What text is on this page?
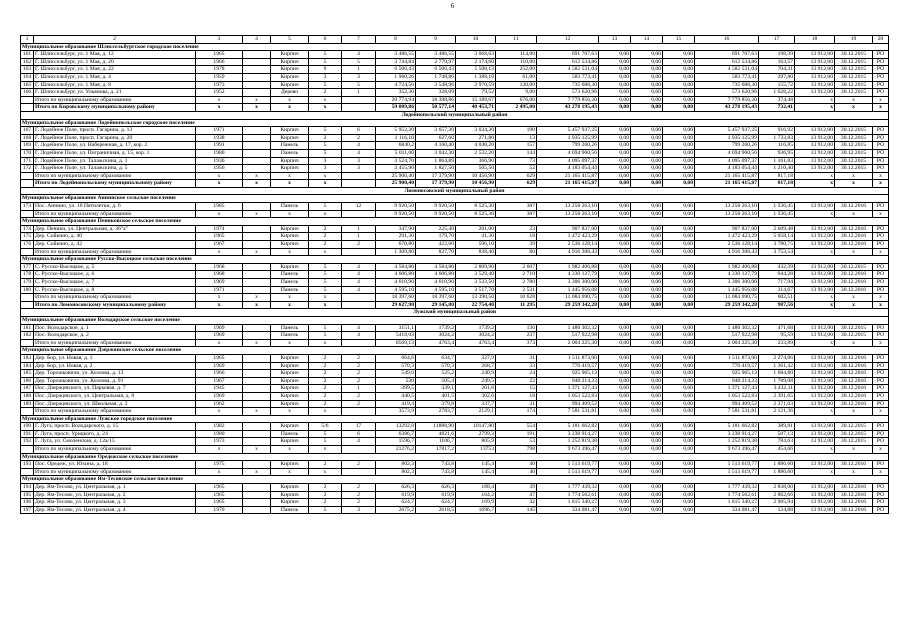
6
1	2	3	4	5	6	7	8	9	10	11	12	13	14	15	16	17	18	19	20
Муниципальное образование Шлиссельбургское городское поселение																			
161	Г. Шлиссельбург, ул. 1 Мая, д. 12	1965		Кирпич	5	4	3 486,55	3 486,55	3 068,63	114,00	691 707,63	0,00	0,00	0,00	691 707,63	198,39	13 912,00	30.12.2015	РО
162	Г. Шлиссельбург, ул. 1 Мая, д. 20	1966		Кирпич	5	5	3 744,84	2 779,97	2 174,60	110,00	612 534,86	0,00	0,00	0,00	612 534,86	163,57	13 912,00	30.12.2015	РО
163	Г. Шлиссельбург, ул. 1 Мая, д. 22	1978		Кирпич	9	1	6 506,43	6 506,43	5 508,13	252,00	4 582 531,04	0,00	0,00	0,00	4 582 531,04	704,31	13 912,00	30.12.2015	РО
164	Г. Шлиссельбург, ул. 1 Мая, д. 4	1959		Кирпич	3	3	1 960,26	1 748,86	1 388,18	61,00	583 773,41	0,00	0,00	0,00	583 773,41	297,80	13 912,00	30.12.2015	РО
165	Г. Шлиссельбург, ул. 1 Мая, д. 8	1973		Кирпич	5	5	4 724,56	3 548,96	2 970,59	130,00	735 688,30	0,00	0,00	0,00	735 688,30	155,72	13 912,00	30.12.2015	РО
166	Г. Шлиссельбург, ул. Ульянова, д. 21	1952		Дерево	2	1	352,30	328,09	79,52	9,00	573 620,96	0,00	0,00	0,00	573 620,96	1 628,22	13 912,00	30.12.2015	РО
	Итого по муниципальному образованию	x	x	x	x		20 774,94	18 398,86	15 189,67	676,00	7 779 856,20	0,00	0,00	0,00	7 779 856,20	374,48	x	x	x
	Итого по Кировскому муниципальному району	x	x	x	x		59 089,86	50 577,14	40 453,71	2 495,00	43 278 195,43	0,00	0,00	0,00	43 278 195,43	732,41	x	x	x
Лодейнопольский муниципальный район																			
Муниципальное образование Лодейнопольское городское поселение																			
167	Г. Лодейное Поле, просп. Гагарина, д. 13	1971		Кирпич	5	6	5 952,30	3 657,30	3 034,30	190	5 457 937,25	0,00	0,00	0,00	5 457 937,25	916,92	13 912,00	30.12.2015	РО
168	Г. Лодейное Поле, просп. Гагарина, д. 20	1938		Кирпич	2	2	1 116,10	627,60	271,80	13	1 935 125,99	0,00	0,00	0,00	1 935 125,99	1 733,83	13 912,00	30.12.2015	РО
169	Г. Лодейное Поле, ул. Набережная, д. 17, кор. 2	1991		Панель	5	4	6840,2	4 160,40	4 048,20	157	799 260,26	0,00	0,00	0,00	799 260,26	116,85	13 912,00	30.12.2015	РО
170	Г. Лодейное Поле, ул. Пограничная, д. 15, кор. 1	1980		Панель	5	4	5 011,00	3 042,30	2 532,20	144	4 694 960,56	0,00	0,00	0,00	4 694 960,56	936,95	13 912,00	30.12.2015	РО
171	Г. Лодейное Поле, ул. Талажскина, д. 1	1936		Кирпич	3	3	3 524,70	1 864,89	366,90	73	4 095 097,37	0,00	0,00	0,00	4 095 097,37	1 161,83	13 912,00	30.12.2015	РО
172	Г. Лодейное Поле, ул. Талажскина, д. 5	1956		Кирпич	3	3	3 455,90	1 827,50	505,50	52	4 183 054,44	0,00	0,00	0,00	4 183 054,44	1 210,40	13 912,00	30.12.2015	РО
	Итого по муниципальному образованию	x	x	x	x		25 900,40	17 379,90	10 456,90	629	21 165 415,87	0,00	0,00	0,00	21 165 415,87	817,18	x	x	x
	Итого по Лодейнопольскому муниципальному району	x	x	x	x		25 900,40	17 379,90	10 456,90	629	21 165 415,87	0,00	0,00	0,00	21 165 415,87	817,18	x	x	x
Ломоносовский муниципальный район																			
Муниципальное образование Аннинское сельское поселение																			
173	Пос. Аннино, ул. 10 Пятилетки, д. 6	1985		Панель	5	12	9 920,50	9 920,50	8 525,30	387	13 258 263,10	0,00	0,00	0,00	13 258 263,10	1 336,45	13 912,00	30.12.2016	РО
	Итого по муниципальному образованию	x	x	x	x		9 920,50	9 920,50	8 525,30	387	13 258 263,10	0,00	0,00	0,00	13 258 263,10	1 336,45	x	x	x
Муниципальное образование Пениковское сельское поселение																			
174	Дер. Пеники, ул. Центральная, д. 36"а"	1974		Кирпич	2	1	347,90	225,40	201,00	23	907 837,00	0,00	0,00	0,00	907 837,00	2 609,48	13 912,00	30.12.2016	РО
175	Дер. Сойкино, д. 40	1965		Кирпич	2	1	291,30	179,70	41,30	18	1 472 423,29	0,00	0,00	0,00	1 472 423,29	5 058,14	13 912,00	30.12.2016	РО
176	Дер. Сойкино, д. 42	1967		Кирпич	2	2	670,80	422,60	596,10	39	2 536 128,14	0,00	0,00	0,00	2 536 128,14	3 780,75	13 912,00	30.12.2016	РО
	Итого по муниципальному образованию	x	x	x	x		1 309,80	827,70	838,40	80	4 916 388,43	0,00	0,00	0,00	4 916 388,43	3 753,54	x	x	x
Муниципальное образование Русско-Высоцкое сельское поселение																			
177	С. Русско-Высоцкое, д. 5	1968		Кирпич	5	4	4 584,80	4 584,80	2 809,90	2 607	1 982 406,88	0,00	0,00	0,00	1 982 406,88	432,39	13 912,00	30.12.2015	РО
178	С. Русско-Высоцкое, д. 6	1968		Панель	5	4	4 606,80	4 606,80	3 529,40	2 710	4 330 127,79	0,00	0,00	0,00	4 330 127,79	944,28	13 912,00	30.12.2016	РО
179	С. Русско-Высоцкое, д. 7	1969		Панель	5	4	4 610,90	4 610,90	3 533,50	2 780	3 306 300,00	0,00	0,00	0,00	3 306 300,00	717,04	13 912,00	30.12.2016	РО
180	С. Русско-Высоцкое, д. 8	1971		Панель	5	4	4 595,10	4 595,10	3 517,70	2 531	1 445 956,08	0,00	0,00	0,00	1 445 956,08	314,67	13 912,00	30.12.2016	РО
	Итого по муниципальному образованию	x	x	x	x		18 397,60	18 397,60	13 390,50	10 628	11 084 690,75	0,00	0,00	0,00	11 084 690,75	602,51	x	x	x
	Итого по Ломоносовскому муниципальному району	x	x	x	x		29 627,90	29 145,80	22 754,40	11 295	29 259 342,28	0,00	0,00	0,00	29 259 342,28	987,56	x	x	x
Лужский муниципальный район																			
Муниципальное образование Володарское сельское поселение																			
181	Пос. Володарское, д. 1	1969		Панель	5	4	3151,1	1739,2	1739,2	136	1 486 302,32	0,00	0,00	0,00	1 486 302,32	471,68	13 912,00	30.12.2015	РО
182	Пос. Володарское, д. 2	1969		Панель	5	4	5418,03	3024,2	3024,2	237	517 922,98	0,00	0,00	0,00	517 922,98	95,59	13 912,00	30.12.2015	РО
	Итого по муниципальному образованию	x	x	x	x		8569,13	4763,4	4763,4	373	2 004 225,30	0,00	0,00	0,00	2 004 225,30	233,89	x	x	x
Муниципальное образование Дзержинское сельское поселение																			
183	Дер. Бор, ул. Новая, д. 1	1965		Кирпич	2	2	664,6	634,7	327,9	31	1 511 873,00	0,00	0,00	0,00	1 511 873,00	2 274,86	13 912,00	30.12.2016	РО
184	Дер. Бор, ул. Новая, д. 2	1969		Кирпич	2	2	570,3	570,3	268,7	33	776 419,57	0,00	0,00	0,00	776 419,57	1 361,42	13 912,00	30.12.2016	РО
185	Дер. Торошковичи, ул. Козлова, д. 13	1966		Кирпич	2	2	549,6	525,2	240,9	24	925 965,13	0,00	0,00	0,00	925 965,13	1 684,80	13 912,00	30.12.2016	РО
186	Дер. Торошковичи, ул. Козлова, д. 91	1967		Кирпич	2	2	530	505,4	249,5	22	948 214,33	0,00	0,00	0,00	948 214,33	1 789,08	13 912,00	30.12.2016	РО
187	Пос. Дзержинского, ул. Парковая, д. 7	1945		Кирпич	2	1	399,5	339,1	201,8	15	1 371 127,43	0,00	0,00	0,00	1 371 127,43	3 432,11	13 912,00	30.12.2016	РО
188	Пос. Дзержинского, ул. Центральная, д. 8	1969		Кирпич	2	2	440,5	401,5	302,6	18	1 053 522,83	0,00	0,00	0,00	1 053 522,83	2 391,65	13 912,00	30.12.2016	РО
189	Пос. Дзержинского, ул. Школьная, д. 2	1962		Кирпич	2	2	419,4	379,8	337,7	31	994 409,52	0,00	0,00	0,00	994 409,52	2 371,03	13 912,00	30.12.2016	РО
	Итого по муниципальному образованию	x	x	x	x		3573,9	2783,7	2129,1	174	7 581 531,81	0,00	0,00	0,00	7 581 531,81	2 121,36	x	x	x
Муниципальное образование Лужское городское поселение																			
190	Г. Луга, просп. Володарского, д. 15	1982		Кирпич	5/6	17	13292,8	11888,90	10147,80	554	5 181 662,82	0,00	0,00	0,00	5 181 662,82	389,81	13 912,00	30.12.2015	РО
191	Г. Луга, просп. Урицкого, д. 24	1980		Панель	5	6	6386,7	4821,6	2799,3	191	3 238 914,27	0,00	0,00	0,00	3 238 914,27	507,13	13 912,00	30.12.2015	РО
192	Г. Луга, ул. Смоленская, д. 12а/15	1973		Кирпич	5	4	1596,7	1106,7	805,9	53	1 252 819,38	0,00	0,00	0,00	1 252 819,38	784,63	13 912,00	30.12.2015	РО
	Итого по муниципальному образованию	x	x	x	x		21276,2	17817,2	13753	798	9 673 396,47	0,00	0,00	0,00	9 673 396,47	454,66	x	x	x
Муниципальное образование Оредежское сельское поселение																			
193	Пос. Оредеж, ул. Юхина, д. 18	1975		Кирпич	2	2	802,3	743,8	145,4	40	1 513 619,77	0,00	0,00	0,00	1 513 619,77	1 886,60	13 912,00	30.12.2016	РО
	Итого по муниципальному образованию	x	x	x	x		802,3	743,8	145,4	40	1 513 619,77	0,00	0,00	0,00	1 513 619,77	1 886,60	x	x	x
Муниципальное образование Ям-Тесовское сельское поселение																			
194	Дер. Ям-Тесово, ул. Центральная, д. 1	1965		Кирпич	2	2	626,3	626,3	188,4	39	1 777 439,32	0,00	0,00	0,00	1 777 439,32	2 838,00	13 912,00	30.12.2016	РО
195	Дер. Ям-Тесово, ул. Центральная, д. 2	1965		Кирпич	2	2	619,9	619,9	164,2	47	1 774 562,61	0,00	0,00	0,00	1 774 562,61	2 862,66	13 912,00	30.12.2016	РО
196	Дер. Ям-Тесово, ул. Центральная, д. 3	1965		Кирпич	2	2	624,7	624,7	169,9	32	1 815 340,27	0,00	0,00	0,00	1 815 340,27	2 905,94	13 912,00	30.12.2016	РО
197	Дер. Ям-Тесово, ул. Центральная, д. 4	1970		Панель	5	3	2675,2	2618,5	1696,7	145	334 081,47	0,00	0,00	0,00	334 081,47	124,88	13 912,00	30.12.2016	РО
